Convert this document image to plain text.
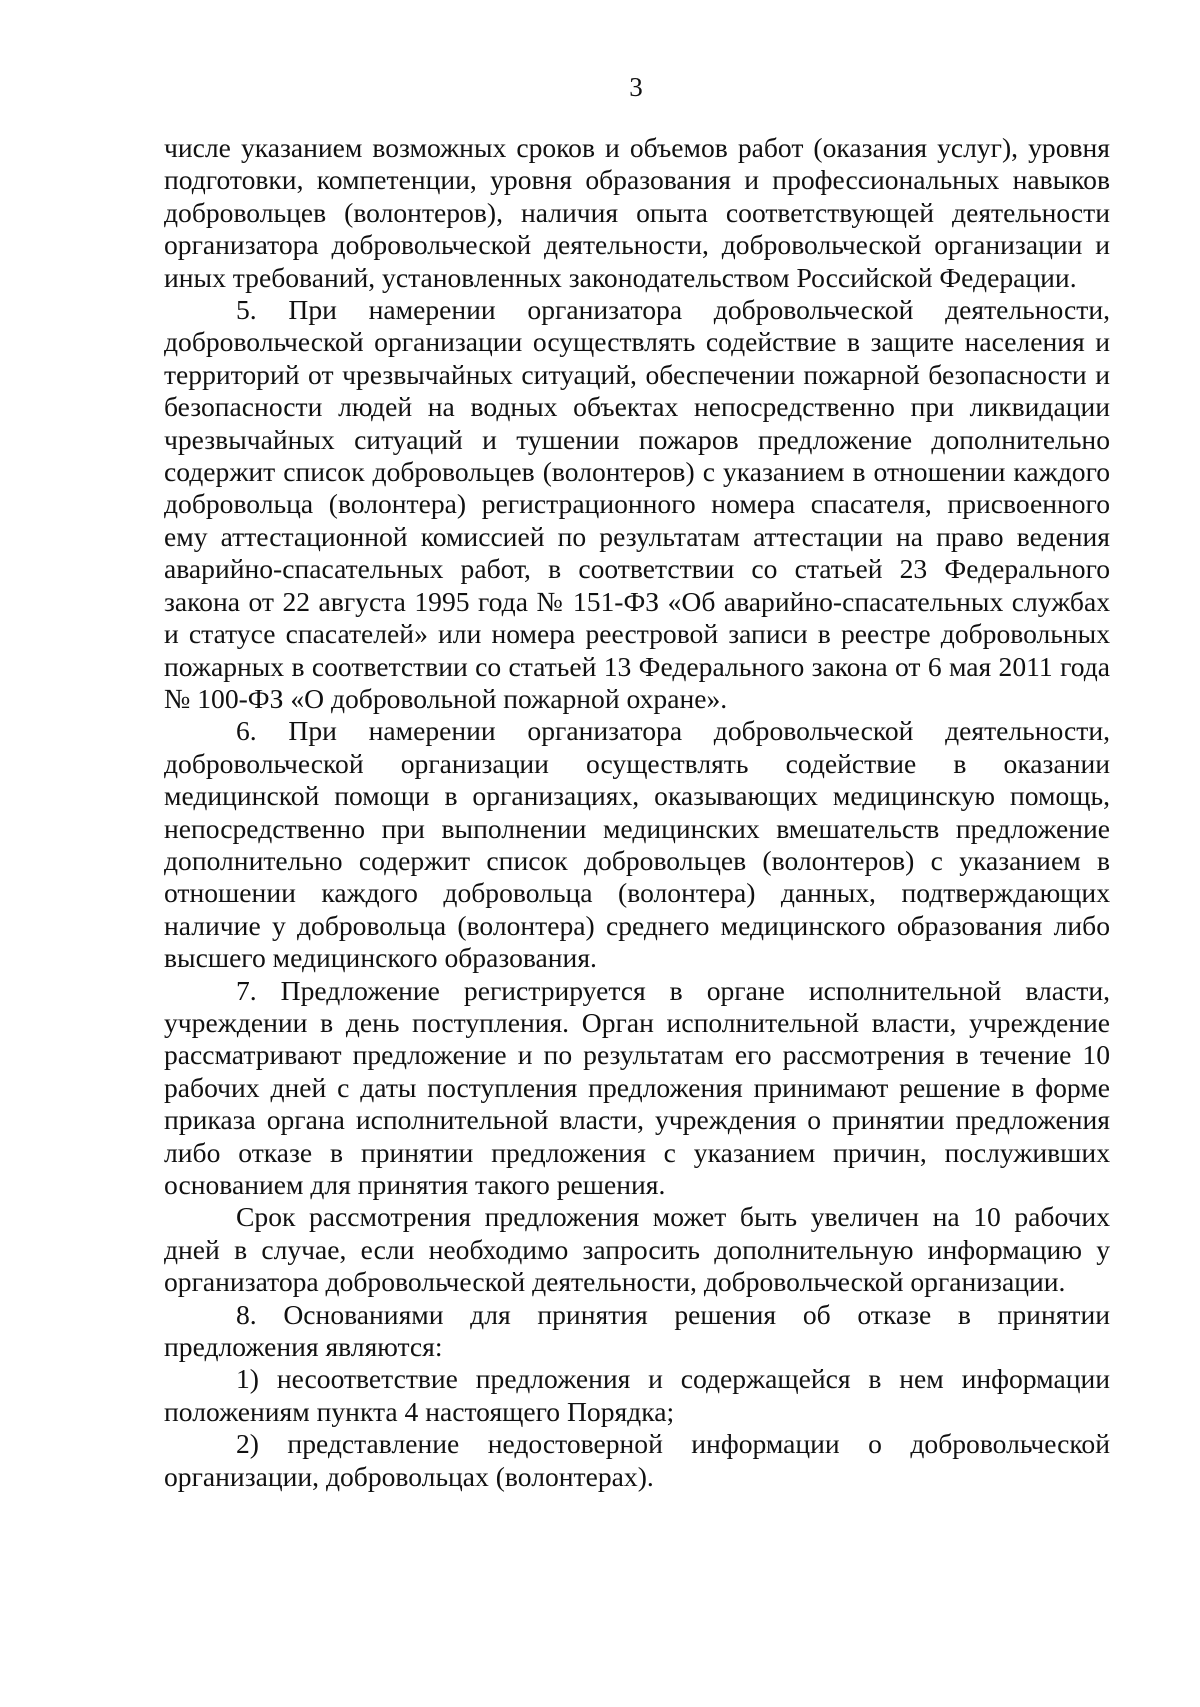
3

числе указанием возможных сроков и объемов работ (оказания услуг), уровня подготовки, компетенции, уровня образования и профессиональных навыков добровольцев (волонтеров), наличия опыта соответствующей деятельности организатора добровольческой деятельности, добровольческой организации и иных требований, установленных законодательством Российской Федерации.

5. При намерении организатора добровольческой деятельности, добровольческой организации осуществлять содействие в защите населения и территорий от чрезвычайных ситуаций, обеспечении пожарной безопасности и безопасности людей на водных объектах непосредственно при ликвидации чрезвычайных ситуаций и тушении пожаров предложение дополнительно содержит список добровольцев (волонтеров) с указанием в отношении каждого добровольца (волонтера) регистрационного номера спасателя, присвоенного ему аттестационной комиссией по результатам аттестации на право ведения аварийно-спасательных работ, в соответствии со статьей 23 Федерального закона от 22 августа 1995 года № 151-ФЗ «Об аварийно-спасательных службах и статусе спасателей» или номера реестровой записи в реестре добровольных пожарных в соответствии со статьей 13 Федерального закона от 6 мая 2011 года № 100-ФЗ «О добровольной пожарной охране».

6. При намерении организатора добровольческой деятельности, добровольческой организации осуществлять содействие в оказании медицинской помощи в организациях, оказывающих медицинскую помощь, непосредственно при выполнении медицинских вмешательств предложение дополнительно содержит список добровольцев (волонтеров) с указанием в отношении каждого добровольца (волонтера) данных, подтверждающих наличие у добровольца (волонтера) среднего медицинского образования либо высшего медицинского образования.

7. Предложение регистрируется в органе исполнительной власти, учреждении в день поступления. Орган исполнительной власти, учреждение рассматривают предложение и по результатам его рассмотрения в течение 10 рабочих дней с даты поступления предложения принимают решение в форме приказа органа исполнительной власти, учреждения о принятии предложения либо отказе в принятии предложения с указанием причин, послуживших основанием для принятия такого решения.

Срок рассмотрения предложения может быть увеличен на 10 рабочих дней в случае, если необходимо запросить дополнительную информацию у организатора добровольческой деятельности, добровольческой организации.

8. Основаниями для принятия решения об отказе в принятии предложения являются:

1) несоответствие предложения и содержащейся в нем информации положениям пункта 4 настоящего Порядка;

2) представление недостоверной информации о добровольческой организации, добровольцах (волонтерах).
